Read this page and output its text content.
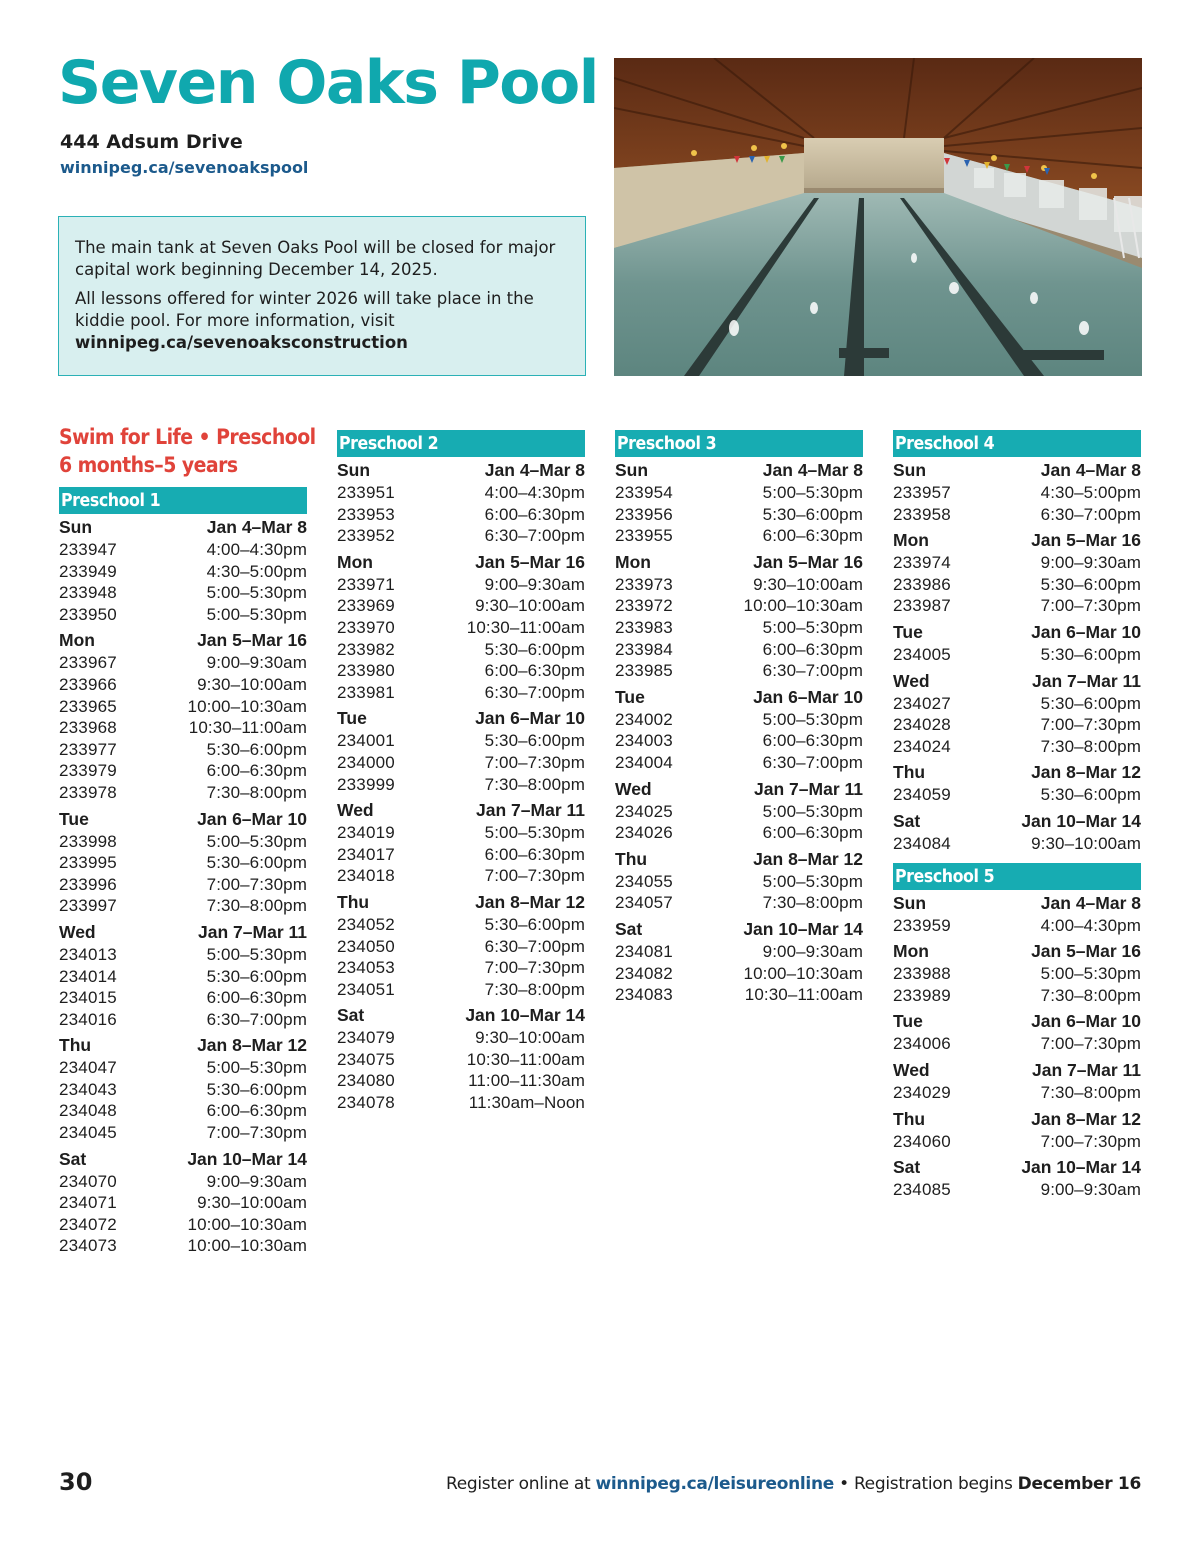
Seven Oaks Pool
444 Adsum Drive
winnipeg.ca/sevenoakspool

The main tank at Seven Oaks Pool will be closed for major capital work beginning December 14, 2025.

All lessons offered for winter 2026 will take place in the kiddie pool. For more information, visit
winnipeg.ca/sevenoaksconstruction

Swim for Life • Preschool
6 months–5 years
Preschool 1
Sun	Jan 4–Mar 8
233947	4:00–4:30pm
233949	4:30–5:00pm
233948	5:00–5:30pm
233950	5:00–5:30pm
Mon	Jan 5–Mar 16
233967	9:00–9:30am
233966	9:30–10:00am
233965	10:00–10:30am
233968	10:30–11:00am
233977	5:30–6:00pm
233979	6:00–6:30pm
233978	7:30–8:00pm
Tue	Jan 6–Mar 10
233998	5:00–5:30pm
233995	5:30–6:00pm
233996	7:00–7:30pm
233997	7:30–8:00pm
Wed	Jan 7–Mar 11
234013	5:00–5:30pm
234014	5:30–6:00pm
234015	6:00–6:30pm
234016	6:30–7:00pm
Thu	Jan 8–Mar 12
234047	5:00–5:30pm
234043	5:30–6:00pm
234048	6:00–6:30pm
234045	7:00–7:30pm
Sat	Jan 10–Mar 14
234070	9:00–9:30am
234071	9:30–10:00am
234072	10:00–10:30am
234073	10:00–10:30am
Preschool 2
Sun	Jan 4–Mar 8
233951	4:00–4:30pm
233953	6:00–6:30pm
233952	6:30–7:00pm
Mon	Jan 5–Mar 16
233971	9:00–9:30am
233969	9:30–10:00am
233970	10:30–11:00am
233982	5:30–6:00pm
233980	6:00–6:30pm
233981	6:30–7:00pm
Tue	Jan 6–Mar 10
234001	5:30–6:00pm
234000	7:00–7:30pm
233999	7:30–8:00pm
Wed	Jan 7–Mar 11
234019	5:00–5:30pm
234017	6:00–6:30pm
234018	7:00–7:30pm
Thu	Jan 8–Mar 12
234052	5:30–6:00pm
234050	6:30–7:00pm
234053	7:00–7:30pm
234051	7:30–8:00pm
Sat	Jan 10–Mar 14
234079	9:30–10:00am
234075	10:30–11:00am
234080	11:00–11:30am
234078	11:30am–Noon
Preschool 3
Sun	Jan 4–Mar 8
233954	5:00–5:30pm
233956	5:30–6:00pm
233955	6:00–6:30pm
Mon	Jan 5–Mar 16
233973	9:30–10:00am
233972	10:00–10:30am
233983	5:00–5:30pm
233984	6:00–6:30pm
233985	6:30–7:00pm
Tue	Jan 6–Mar 10
234002	5:00–5:30pm
234003	6:00–6:30pm
234004	6:30–7:00pm
Wed	Jan 7–Mar 11
234025	5:00–5:30pm
234026	6:00–6:30pm
Thu	Jan 8–Mar 12
234055	5:00–5:30pm
234057	7:30–8:00pm
Sat	Jan 10–Mar 14
234081	9:00–9:30am
234082	10:00–10:30am
234083	10:30–11:00am
Preschool 4
Sun	Jan 4–Mar 8
233957	4:30–5:00pm
233958	6:30–7:00pm
Mon	Jan 5–Mar 16
233974	9:00–9:30am
233986	5:30–6:00pm
233987	7:00–7:30pm
Tue	Jan 6–Mar 10
234005	5:30–6:00pm
Wed	Jan 7–Mar 11
234027	5:30–6:00pm
234028	7:00–7:30pm
234024	7:30–8:00pm
Thu	Jan 8–Mar 12
234059	5:30–6:00pm
Sat	Jan 10–Mar 14
234084	9:30–10:00am
Preschool 5
Sun	Jan 4–Mar 8
233959	4:00–4:30pm
Mon	Jan 5–Mar 16
233988	5:00–5:30pm
233989	7:30–8:00pm
Tue	Jan 6–Mar 10
234006	7:00–7:30pm
Wed	Jan 7–Mar 11
234029	7:30–8:00pm
Thu	Jan 8–Mar 12
234060	7:00–7:30pm
Sat	Jan 10–Mar 14
234085	9:00–9:30am
30	Register online at winnipeg.ca/leisureonline • Registration begins December 16
